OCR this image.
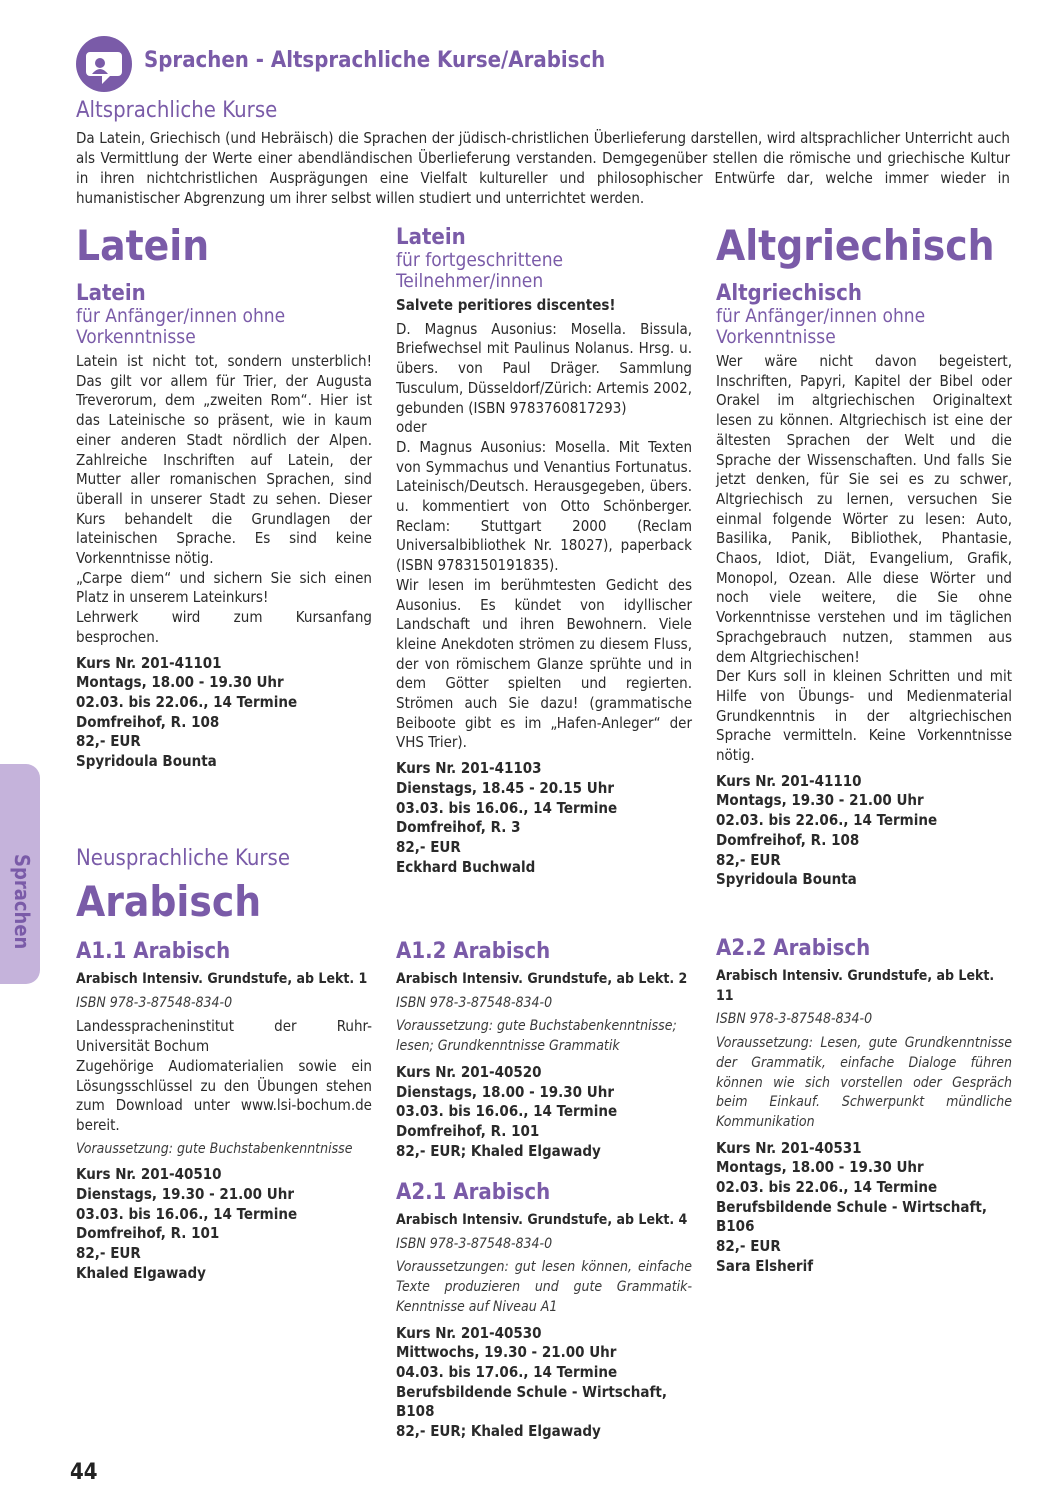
Sprachen - Altsprachliche Kurse/Arabisch
Altsprachliche Kurse

Da Latein, Griechisch (und Hebräisch) die Sprachen der jüdisch-christlichen Überlieferung darstellen, wird altsprachlicher Unterricht auch als Vermittlung der Werte einer abendländischen Überlieferung verstanden. Demgegenüber stellen die römische und griechische Kultur in ihren nichtchristlichen Ausprägungen eine Vielfalt kultureller und philosophischer Entwürfe dar, welche immer wieder in humanistischer Abgrenzung um ihrer selbst willen studiert und unterrichtet werden.

Latein

Latein

für Anfänger/innen ohne Vorkenntnisse

Latein ist nicht tot, sondern unsterblich! Das gilt vor allem für Trier, der Augusta Treverorum, dem „zweiten Rom“. Hier ist das Lateinische so präsent, wie in kaum einer anderen Stadt nördlich der Alpen. Zahlreiche Inschriften auf Latein, der Mutter aller romanischen Sprachen, sind überall in unserer Stadt zu sehen. Dieser Kurs behandelt die Grundlagen der lateinischen Sprache. Es sind keine Vorkenntnisse nötig.

„Carpe diem“ und sichern Sie sich einen Platz in unserem Lateinkurs!

Lehrwerk wird zum Kursanfang besprochen.

Kurs Nr. 201-41101

Montags, 18.00 - 19.30 Uhr

02.03. bis 22.06., 14 Termine

Domfreihof, R. 108

82,- EUR

Spyridoula Bounta

Latein

für fortgeschrittene Teilnehmer/innen

Salvete peritiores discentes!

D. Magnus Ausonius: Mosella. Bissula, Briefwechsel mit Paulinus Nolanus. Hrsg. u. übers. von Paul Dräger. Sammlung Tusculum, Düsseldorf/Zürich: Artemis 2002, gebunden (ISBN 9783760817293)

oder

D. Magnus Ausonius: Mosella. Mit Texten von Symmachus und Venantius Fortunatus. Lateinisch/Deutsch. Herausgegeben, übers. u. kommentiert von Otto Schönberger. Reclam: Stuttgart 2000 (Reclam Universalbibliothek Nr. 18027), paperback (ISBN 9783150191835).

Wir lesen im berühmtesten Gedicht des Ausonius. Es kündet von idyllischer Landschaft und ihren Bewohnern. Viele kleine Anekdoten strömen zu diesem Fluss, der von römischem Glanze sprühte und in dem Götter spielten und regierten. Strömen auch Sie dazu! (grammatische Beiboote gibt es im „Hafen-Anleger“ der VHS Trier).

Kurs Nr. 201-41103

Dienstags, 18.45 - 20.15 Uhr

03.03. bis 16.06., 14 Termine

Domfreihof, R. 3

82,- EUR

Eckhard Buchwald

Altgriechisch

Altgriechisch

für Anfänger/innen ohne Vorkenntnisse

Wer wäre nicht davon begeistert, Inschriften, Papyri, Kapitel der Bibel oder Orakel im altgriechischen Originaltext lesen zu können. Altgriechisch ist eine der ältesten Sprachen der Welt und die Sprache der Wissenschaften. Und falls Sie jetzt denken, für Sie sei es zu schwer, Altgriechisch zu lernen, versuchen Sie einmal folgende Wörter zu lesen: Auto, Basilika, Panik, Bibliothek, Phantasie, Chaos, Idiot, Diät, Evangelium, Grafik, Monopol, Ozean. Alle diese Wörter und noch viele weitere, die Sie ohne Vorkenntnisse verstehen und im täglichen Sprachgebrauch nutzen, stammen aus dem Altgriechischen!

Der Kurs soll in kleinen Schritten und mit Hilfe von Übungs- und Medienmaterial Grundkenntnis in der altgriechischen Sprache vermitteln. Keine Vorkenntnisse nötig.

Kurs Nr. 201-41110

Montags, 19.30 - 21.00 Uhr

02.03. bis 22.06., 14 Termine

Domfreihof, R. 108

82,- EUR

Spyridoula Bounta

Neusprachliche Kurse

Arabisch

A1.1 Arabisch

Arabisch Intensiv. Grundstufe, ab Lekt. 1

ISBN 978-3-87548-834-0

Landesspracheninstitut der Ruhr-Universität Bochum

Zugehörige Audiomaterialien sowie ein Lösungsschlüssel zu den Übungen stehen zum Download unter www.lsi-bochum.de bereit.

Voraussetzung: gute Buchstabenkenntnisse

Kurs Nr. 201-40510

Dienstags, 19.30 - 21.00 Uhr

03.03. bis 16.06., 14 Termine

Domfreihof, R. 101

82,- EUR

Khaled Elgawady

A1.2 Arabisch

Arabisch Intensiv. Grundstufe, ab Lekt. 2

ISBN 978-3-87548-834-0

Voraussetzung: gute Buchstabenkenntnisse; lesen; Grundkenntnisse Grammatik

Kurs Nr. 201-40520

Dienstags, 18.00 - 19.30 Uhr

03.03. bis 16.06., 14 Termine

Domfreihof, R. 101

82,- EUR; Khaled Elgawady

A2.1 Arabisch

Arabisch Intensiv. Grundstufe, ab Lekt. 4

ISBN 978-3-87548-834-0

Voraussetzungen: gut lesen können, einfache Texte produzieren und gute Grammatik-Kenntnisse auf Niveau A1

Kurs Nr. 201-40530

Mittwochs, 19.30 - 21.00 Uhr

04.03. bis 17.06., 14 Termine

Berufsbildende Schule - Wirtschaft, B108

82,- EUR; Khaled Elgawady

A2.2 Arabisch

Arabisch Intensiv. Grundstufe, ab Lekt. 11

ISBN 978-3-87548-834-0

Voraussetzung: Lesen, gute Grundkenntnisse der Grammatik, einfache Dialoge führen können wie sich vorstellen oder Gespräch beim Einkauf. Schwerpunkt mündliche Kommunikation

Kurs Nr. 201-40531

Montags, 18.00 - 19.30 Uhr

02.03. bis 22.06., 14 Termine

Berufsbildende Schule - Wirtschaft, B106

82,- EUR

Sara Elsherif

44
